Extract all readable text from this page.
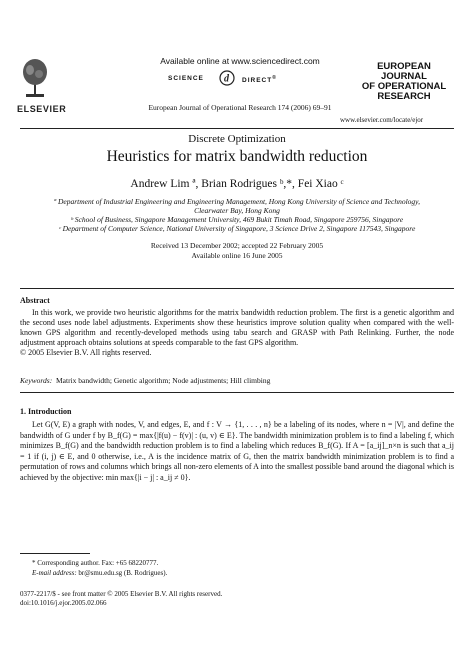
ELSEVIER
Available online at www.sciencedirect.com
SCIENCE d DIRECT®
European Journal of Operational Research 174 (2006) 69–91
EUROPEAN
JOURNAL
OF OPERATIONAL
RESEARCH
www.elsevier.com/locate/ejor
Discrete Optimization
Heuristics for matrix bandwidth reduction
Andrew Lim ª, Brian Rodrigues ᵇ,*, Fei Xiao ᶜ
ª Department of Industrial Engineering and Engineering Management, Hong Kong University of Science and Technology,
Clearwater Bay, Hong Kong
ᵇ School of Business, Singapore Management University, 469 Bukit Timah Road, Singapore 259756, Singapore
ᶜ Department of Computer Science, National University of Singapore, 3 Science Drive 2, Singapore 117543, Singapore
Received 13 December 2002; accepted 22 February 2005
Available online 16 June 2005
Abstract
In this work, we provide two heuristic algorithms for the matrix bandwidth reduction problem. The first is a genetic algorithm and the second uses node label adjustments. Experiments show these heuristics improve solution quality when compared with the well-known GPS algorithm and recently-developed methods using tabu search and GRASP with Path Relinking. Further, the node adjustment approach obtains solutions at speeds comparable to the fast GPS algorithm.
© 2005 Elsevier B.V. All rights reserved.
Keywords: Matrix bandwidth; Genetic algorithm; Node adjustments; Hill climbing
1. Introduction
Let G(V, E) a graph with nodes, V, and edges, E, and f : V → {1, . . . , n} be a labeling of its nodes, where n = |V|, and define the bandwidth of G under f by B_f(G) = max{|f(u) − f(v)| : (u, v) ∈ E}. The bandwidth minimization problem is to find a labeling f, which minimizes B_f(G) and the bandwidth reduction problem is to find a labeling which reduces B_f(G). If A = [a_ij]_n×n is such that a_ij = 1 if (i, j) ∈ E, and 0 otherwise, i.e., A is the incidence matrix of G, then the matrix bandwidth minimization problem is to find a permutation of rows and columns which brings all non-zero elements of A into the smallest possible band around the diagonal which is achieved by the objective: min max{|i − j| : a_ij ≠ 0}.
* Corresponding author. Fax: +65 68220777.
E-mail address: br@smu.edu.sg (B. Rodrigues).
0377-2217/$ - see front matter © 2005 Elsevier B.V. All rights reserved.
doi:10.1016/j.ejor.2005.02.066
